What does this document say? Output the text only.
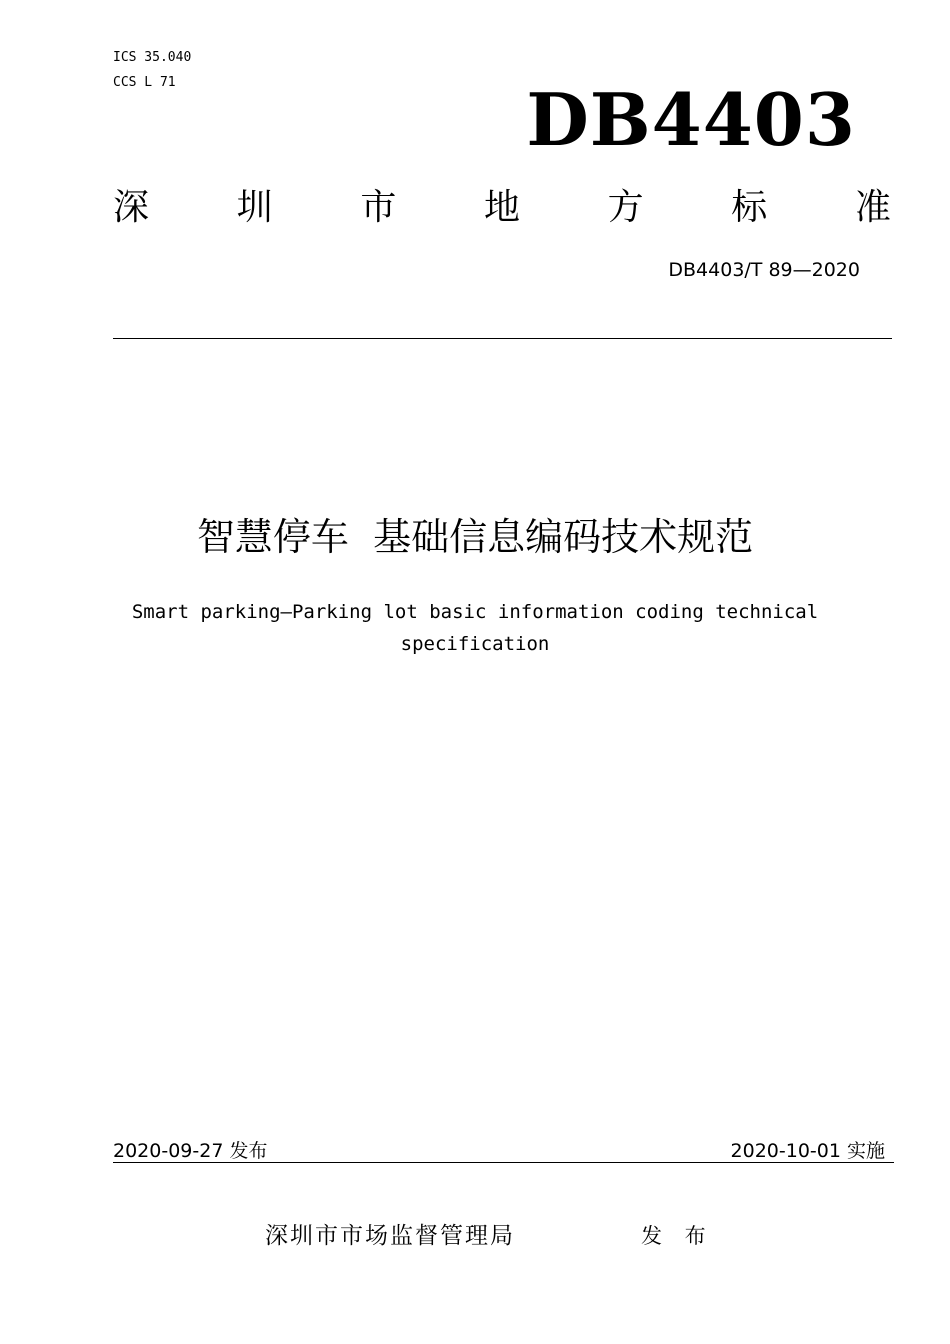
ICS 35.040
CCS L 71	DB4403
深 圳 市 地 方 标 准
DB4403/T 89—2020
智慧停车  基础信息编码技术规范
Smart parking—Parking lot basic information coding technical
specification
2020-09-27 发布	2020-10-01 实施
深圳市市场监督管理局	发 布
